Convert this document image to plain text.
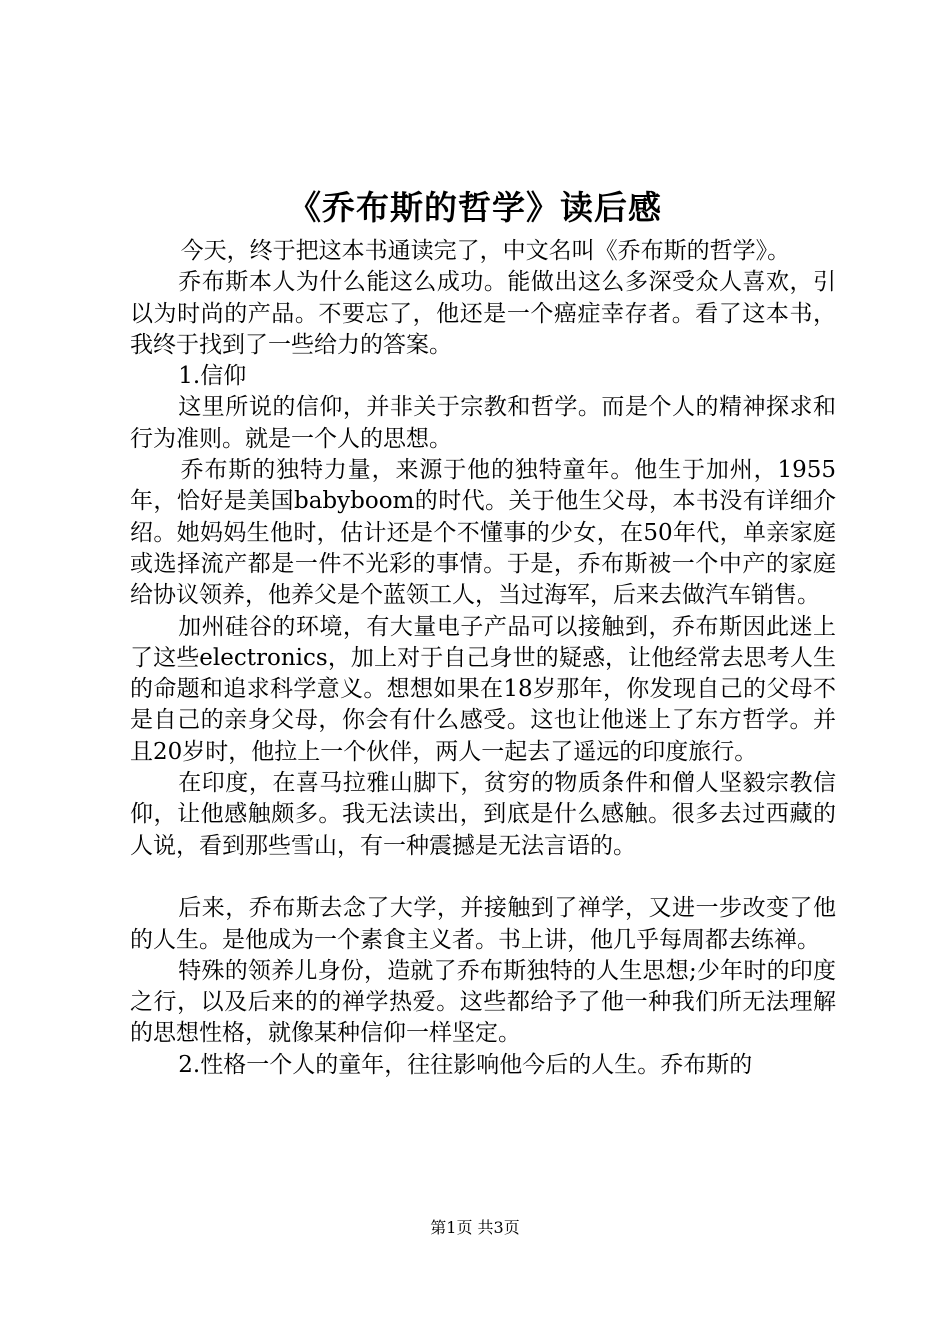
《乔布斯的哲学》读后感

今天，终于把这本书通读完了，中文名叫《乔布斯的哲学》。

乔布斯本人为什么能这么成功。能做出这么多深受众人喜欢，引以为时尚的产品。不要忘了，他还是一个癌症幸存者。看了这本书，我终于找到了一些给力的答案。

1.信仰

这里所说的信仰，并非关于宗教和哲学。而是个人的精神探求和行为准则。就是一个人的思想。

乔布斯的独特力量，来源于他的独特童年。他生于加州，1955年，恰好是美国babyboom的时代。关于他生父母，本书没有详细介绍。她妈妈生他时，估计还是个不懂事的少女，在50年代，单亲家庭或选择流产都是一件不光彩的事情。于是，乔布斯被一个中产的家庭给协议领养，他养父是个蓝领工人，当过海军，后来去做汽车销售。

加州硅谷的环境，有大量电子产品可以接触到，乔布斯因此迷上了这些electronics，加上对于自己身世的疑惑，让他经常去思考人生的命题和追求科学意义。想想如果在18岁那年，你发现自己的父母不是自己的亲身父母，你会有什么感受。这也让他迷上了东方哲学。并且20岁时，他拉上一个伙伴，两人一起去了遥远的印度旅行。

在印度，在喜马拉雅山脚下，贫穷的物质条件和僧人坚毅宗教信仰，让他感触颇多。我无法读出，到底是什么感触。很多去过西藏的人说，看到那些雪山，有一种震撼是无法言语的。

后来，乔布斯去念了大学，并接触到了禅学，又进一步改变了他的人生。是他成为一个素食主义者。书上讲，他几乎每周都去练禅。

特殊的领养儿身份，造就了乔布斯独特的人生思想;少年时的印度之行，以及后来的的禅学热爱。这些都给予了他一种我们所无法理解的思想性格，就像某种信仰一样坚定。

2.性格一个人的童年，往往影响他今后的人生。乔布斯的

第1页 共3页
